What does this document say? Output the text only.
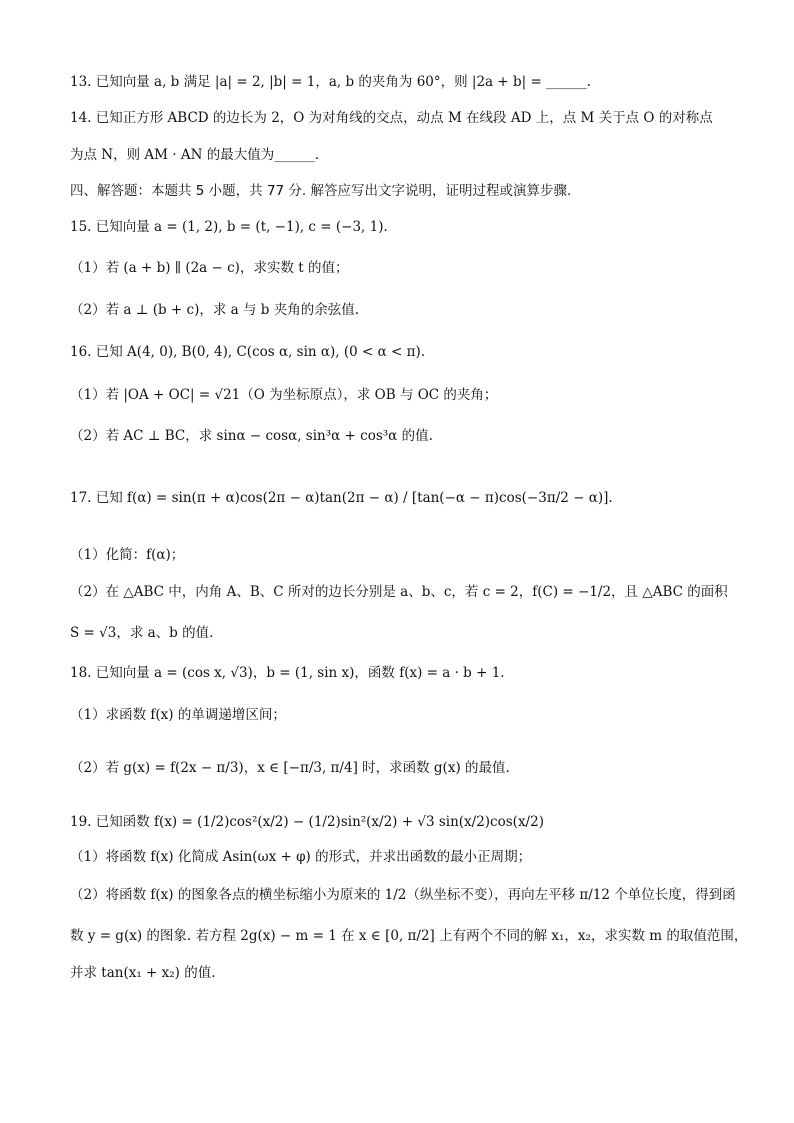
13. 已知向量 a, b 满足 |a| = 2, |b| = 1，a, b 的夹角为 60°，则 |2a + b| = ______.
14. 已知正方形 ABCD 的边长为 2，O 为对角线的交点，动点 M 在线段 AD 上，点 M 关于点 O 的对称点
为点 N，则 AM · AN 的最大值为______.
四、解答题：本题共 5 小题，共 77 分. 解答应写出文字说明，证明过程或演算步骤.
15. 已知向量 a = (1, 2), b = (t, −1), c = (−3, 1).
（1）若 (a + b) ∥ (2a − c)，求实数 t 的值；
（2）若 a ⊥ (b + c)，求 a 与 b 夹角的余弦值.
16. 已知 A(4, 0), B(0, 4), C(cos α, sin α), (0 < α < π).
（1）若 |OA + OC| = √21（O 为坐标原点），求 OB 与 OC 的夹角；
（2）若 AC ⊥ BC，求 sinα − cosα, sin³α + cos³α 的值.
17. 已知 f(α) = sin(π + α)cos(2π − α)tan(2π − α) / [tan(−α − π)cos(−3π/2 − α)].
（1）化简：f(α)；
（2）在 △ABC 中，内角 A、B、C 所对的边长分别是 a、b、c，若 c = 2，f(C) = −1/2，且 △ABC 的面积
S = √3，求 a、b 的值.
18. 已知向量 a = (cos x, √3)，b = (1, sin x)，函数 f(x) = a · b + 1.
（1）求函数 f(x) 的单调递增区间；
（2）若 g(x) = f(2x − π/3)，x ∈ [−π/3, π/4] 时，求函数 g(x) 的最值.
19. 已知函数 f(x) = (1/2)cos²(x/2) − (1/2)sin²(x/2) + √3 sin(x/2)cos(x/2)
（1）将函数 f(x) 化简成 Asin(ωx + φ) 的形式，并求出函数的最小正周期；
（2）将函数 f(x) 的图象各点的横坐标缩小为原来的 1/2（纵坐标不变），再向左平移 π/12 个单位长度，得到函
数 y = g(x) 的图象. 若方程 2g(x) − m = 1 在 x ∈ [0, π/2] 上有两个不同的解 x₁，x₂，求实数 m 的取值范围，
并求 tan(x₁ + x₂) 的值.
